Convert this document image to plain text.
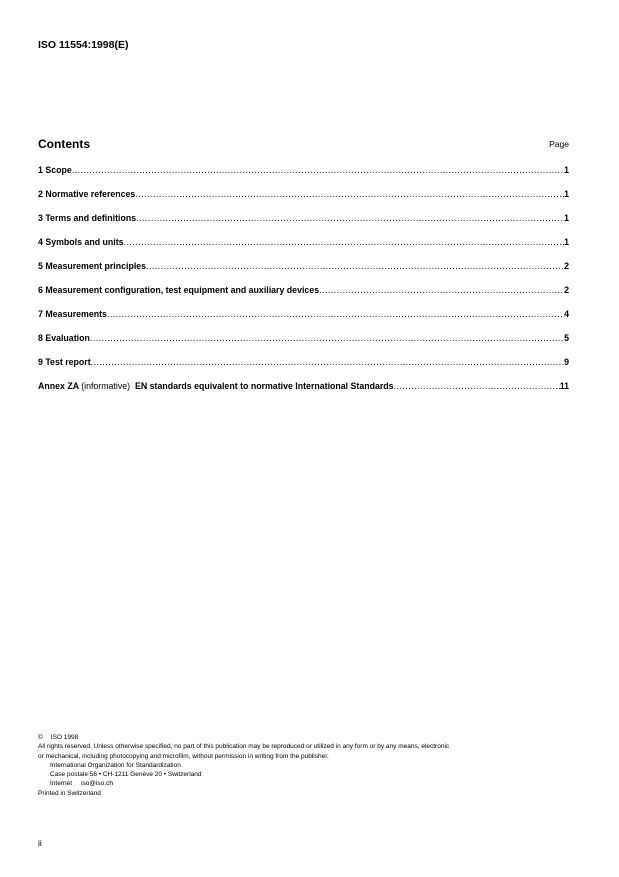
ISO 11554:1998(E)
Contents	Page
1 Scope .....	1
2 Normative references .....	1
3 Terms and definitions .....	1
4 Symbols and units .....	1
5 Measurement principles .....	2
6 Measurement configuration, test equipment and auxiliary devices .....	2
7 Measurements .....	4
8 Evaluation .....	5
9 Test report .....	9
Annex ZA (informative) EN standards equivalent to normative International Standards .....	11
© ISO 1998
All rights reserved. Unless otherwise specified, no part of this publication may be reproduced or utilized in any form or by any means, electronic
or mechanical, including photocopying and microfilm, without permission in writing from the publisher.
International Organization for Standardization
Case postale 56 • CH-1211 Genève 20 • Switzerland
Internet     iso@iso.ch
Printed in Switzerland
ii
